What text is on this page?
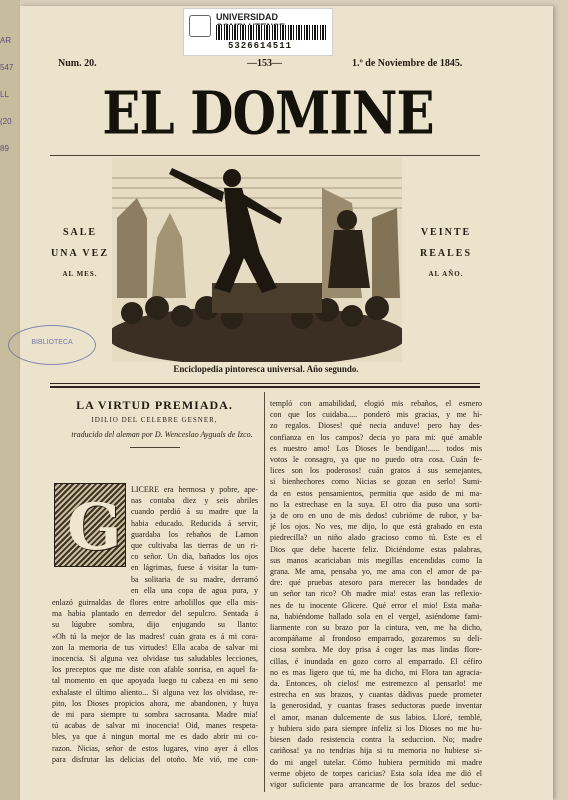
AR

547

LL

(20

89

UNIVERSIDAD
5326614511
Num. 20.	—153—	1.º de Noviembre de 1845.
EL DOMINE
SALE
UNA VEZ
AL MES.
VEINTE
REALES
AL AÑO.
Enciclopedia pintoresca universal. Año segundo.
BIBLIOTECA
LA VIRTUD PREMIADA.
IDILIO DEL CELEBRE GESNER,
traducido del aleman por D. Wenceslao Ayguals de Izco.
G
LICERE era hermosa y pobre, ape-
nas contaba diez y seis abriles
cuando perdió á su madre que la
habia educado. Reducida á servir,
guardaba los rebaños de Lamon
que cultivaba las tierras de un ri-
co señor. Un dia, bañados los ojos
en lágrimas, fuese á visitar la tum-
ba solitaria de su madre, derramó
en ella una copa de agua pura, y
enlazó guirnaldas de flores entre arbolillos que ella mis-
ma habia plantado en derredor del sepulcro. Sentada á
su lúgubre sombra, dijo enjugando su llanto:
«Oh tú la mejor de las madres! cuán grata es á mi cora-
zon la memoria de tus virtudes! Ella acaba de salvar mi
inocencia. Si alguna vez olvidase tus saludables lecciones,
los preceptos que me diste con afable sonrisa, en aquel fa-
tal momento en que apoyada luego tu cabeza en mi seno
exhalaste el último aliento... Si alguna vez los olvidase, re-
pito, los Dioses propicios ahora, me abandonen, y huya
de mi para siempre tu sombra sacrosanta. Madre mia!
tú acabas de salvar mi inocencia! Oid, manes respeta-
bles, ya que á ningun mortal me es dado abrir mi co-
razon. Nicias, señor de estos lugares, vino ayer á ellos
para disfrutar las delicias del otoño. Me vió, me con-
templó con amabilidad, elogió mis rebaños, el esmero
con que los cuidaba..... ponderó mis gracias, y me hi-
zo regalos. Dioses! qué necia anduve! pero hay des-
confianza en los campos? decia yo para mi: qué amable
es nuestro amo! Los Dioses le bendigan!...... todos mis
votos le consagro, ya que no puedo otra cosa. Cuán fe-
lices son los poderosos! cuán gratos á sus semejantes,
si bienhechores como Nicias se gozan en serlo! Sumi-
da en estos pensamientos, permitia que asido de mi ma-
no la estrechase en la suya. El otro dia puso una sorti-
ja de oro en uno de mis dedos! cubrióme de rubor, y ba-
jé los ojos. No ves, me dijo, lo que está grabado en esta
piedrecilla? un niño alado gracioso como tú. Este es el
Dios que debe hacerte feliz. Diciéndome estas palabras,
sus manos acariciaban mis megillas encendidas como la
grana. Me ama, pensaba yo, me ama con el amor de pa-
dre: qué pruebas atesoro para merecer las bondades de
un señor tan rico? Oh madre mia! estas eran las reflexio-
nes de tu inocente Glicere. Qué error el mio! Esta maña-
na, habiéndome hallado sola en el vergel, asiéndome fami-
liarmente con su brazo por la cintura, ven, me ha dicho,
acompáñame al frondoso emparrado, gozaremos su deli-
ciosa sombra. Me doy prisa á coger las mas lindas flore-
cillas, é inundada en gozo corro al emparrado. El céfiro
no es mas ligero que tú, me ha dicho, mi Flora tan agracia-
da. Entonces, oh cielos! me estremezco al pensarlo! me
estrecha en sus brazos, y cuantas dádivas puede prometer
la generosidad, y cuantas frases seductoras puede inventar
el amor, manan dulcemente de sus labios. Lloré, temblé,
y hubiera sido para siempre infeliz si los Dioses no me hu-
biesen dado resistencia contra la seduccion. No; madre
cariñosa! ya no tendrias hija si tu memoria no hubiese si-
do mi angel tutelar. Cómo hubiera permitido mi madre
verme objeto de torpes caricias? Esta sola idea me dió el
vigor suficiente para arrancarme de los brazos del seduc-
